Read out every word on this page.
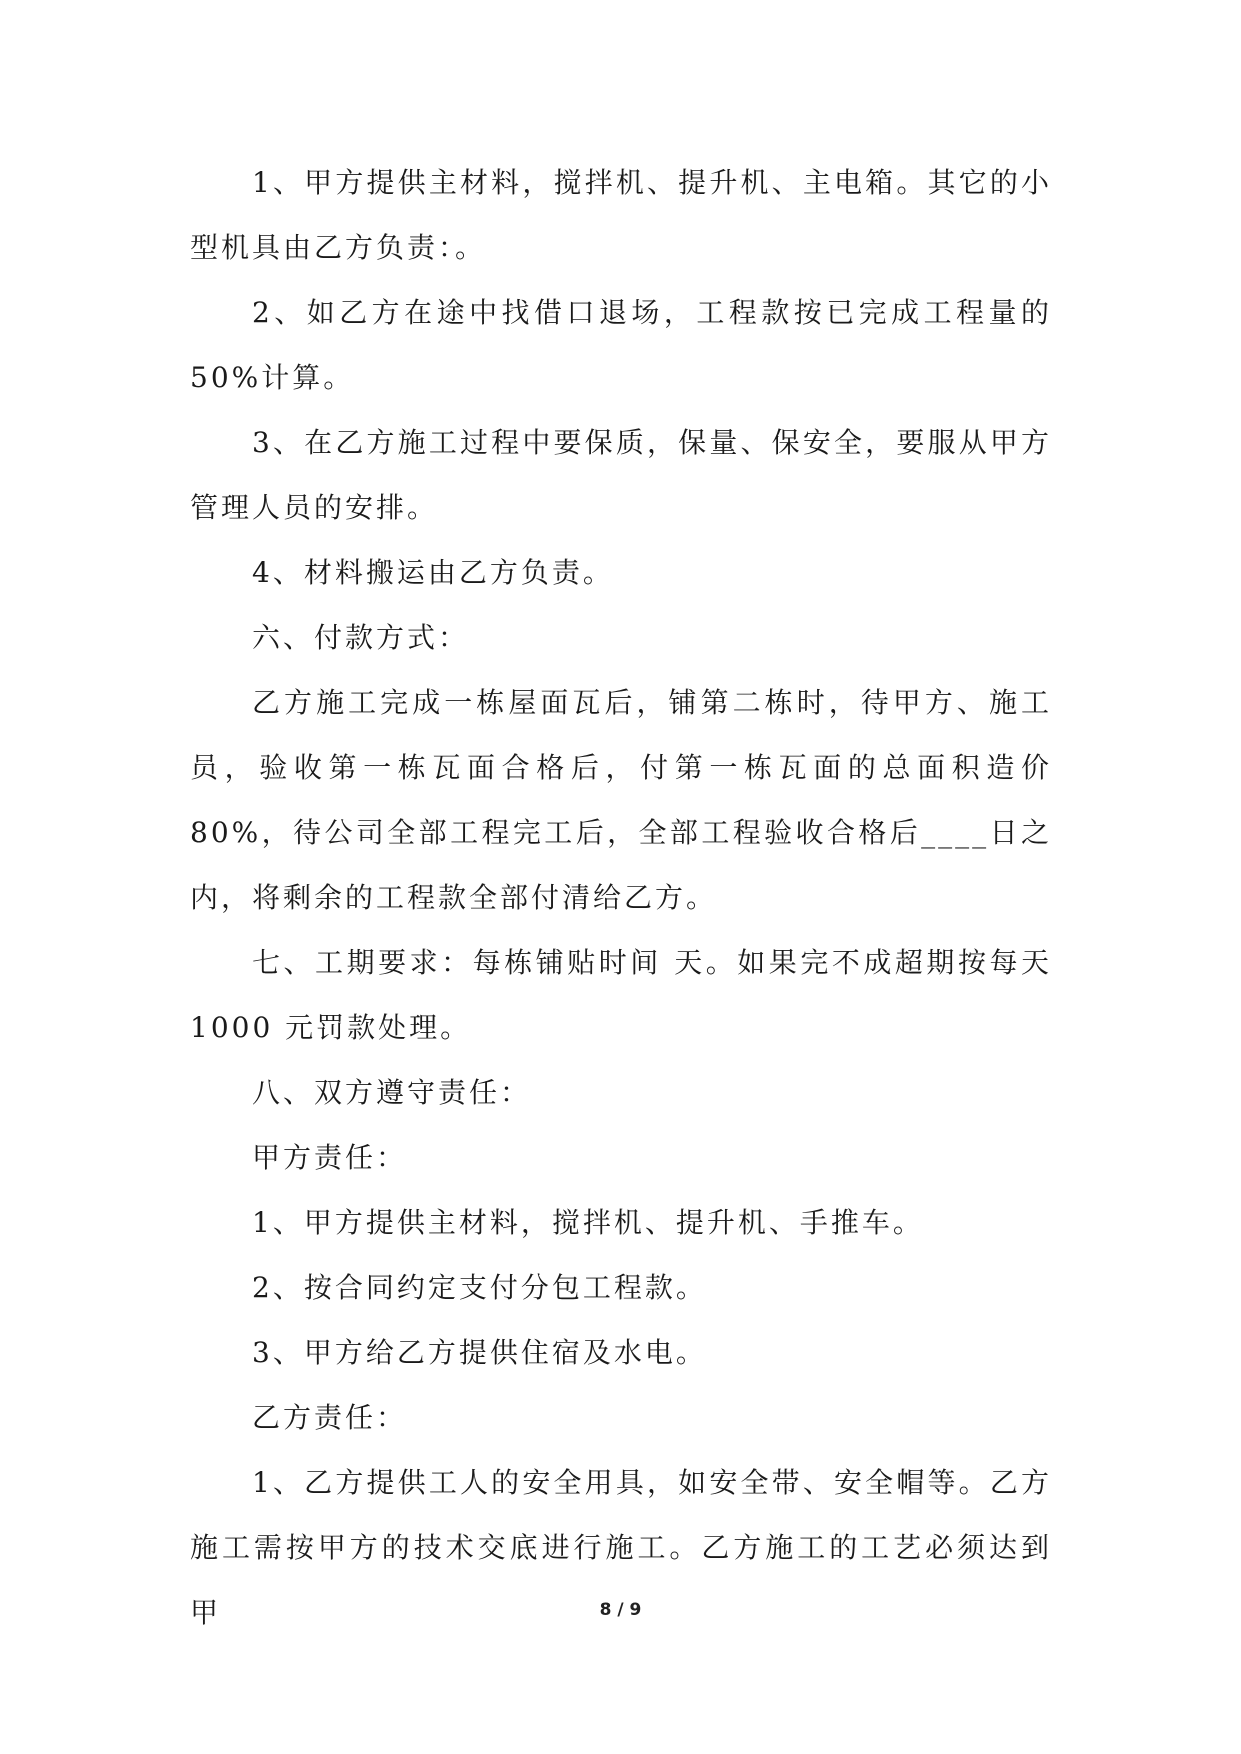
1、甲方提供主材料，搅拌机、提升机、主电箱。其它的小型机具由乙方负责：。

2、如乙方在途中找借口退场，工程款按已完成工程量的50%计算。

3、在乙方施工过程中要保质，保量、保安全，要服从甲方管理人员的安排。

4、材料搬运由乙方负责。

六、付款方式：

乙方施工完成一栋屋面瓦后，铺第二栋时，待甲方、施工员，验收第一栋瓦面合格后，付第一栋瓦面的总面积造价80%，待公司全部工程完工后，全部工程验收合格后____日之内，将剩余的工程款全部付清给乙方。

七、工期要求：每栋铺贴时间 天。如果完不成超期按每天1000 元罚款处理。

八、双方遵守责任：

甲方责任：

1、甲方提供主材料，搅拌机、提升机、手推车。

2、按合同约定支付分包工程款。

3、甲方给乙方提供住宿及水电。

乙方责任：

1、乙方提供工人的安全用具，如安全带、安全帽等。乙方施工需按甲方的技术交底进行施工。乙方施工的工艺必须达到甲	8 / 9
